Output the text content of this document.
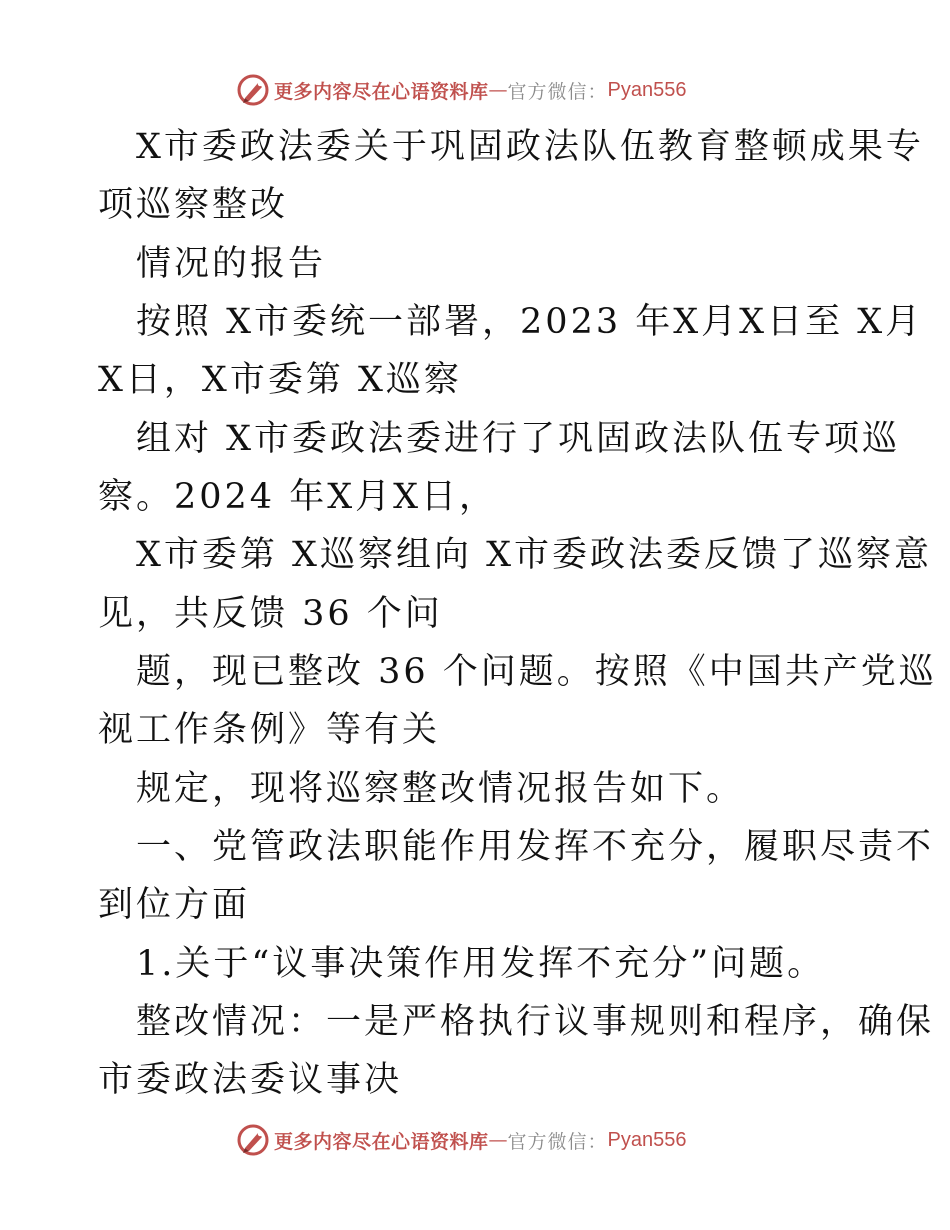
更多内容尽在心语资料库 — 官方微信： Pyan556
X市委政法委关于巩固政法队伍教育整顿成果专
项巡察整改
情况的报告
按照 X市委统一部署，2023 年X月X日至 X月
X日，X市委第 X巡察
组对 X市委政法委进行了巩固政法队伍专项巡
察。2024 年X月X日，
X市委第 X巡察组向 X市委政法委反馈了巡察意
见，共反馈 36 个问
题，现已整改 36 个问题。按照《中国共产党巡
视工作条例》等有关
规定，现将巡察整改情况报告如下。
一、党管政法职能作用发挥不充分，履职尽责不
到位方面
1.关于“议事决策作用发挥不充分”问题。
整改情况：一是严格执行议事规则和程序，确保
市委政法委议事决
更多内容尽在心语资料库 — 官方微信： Pyan556
